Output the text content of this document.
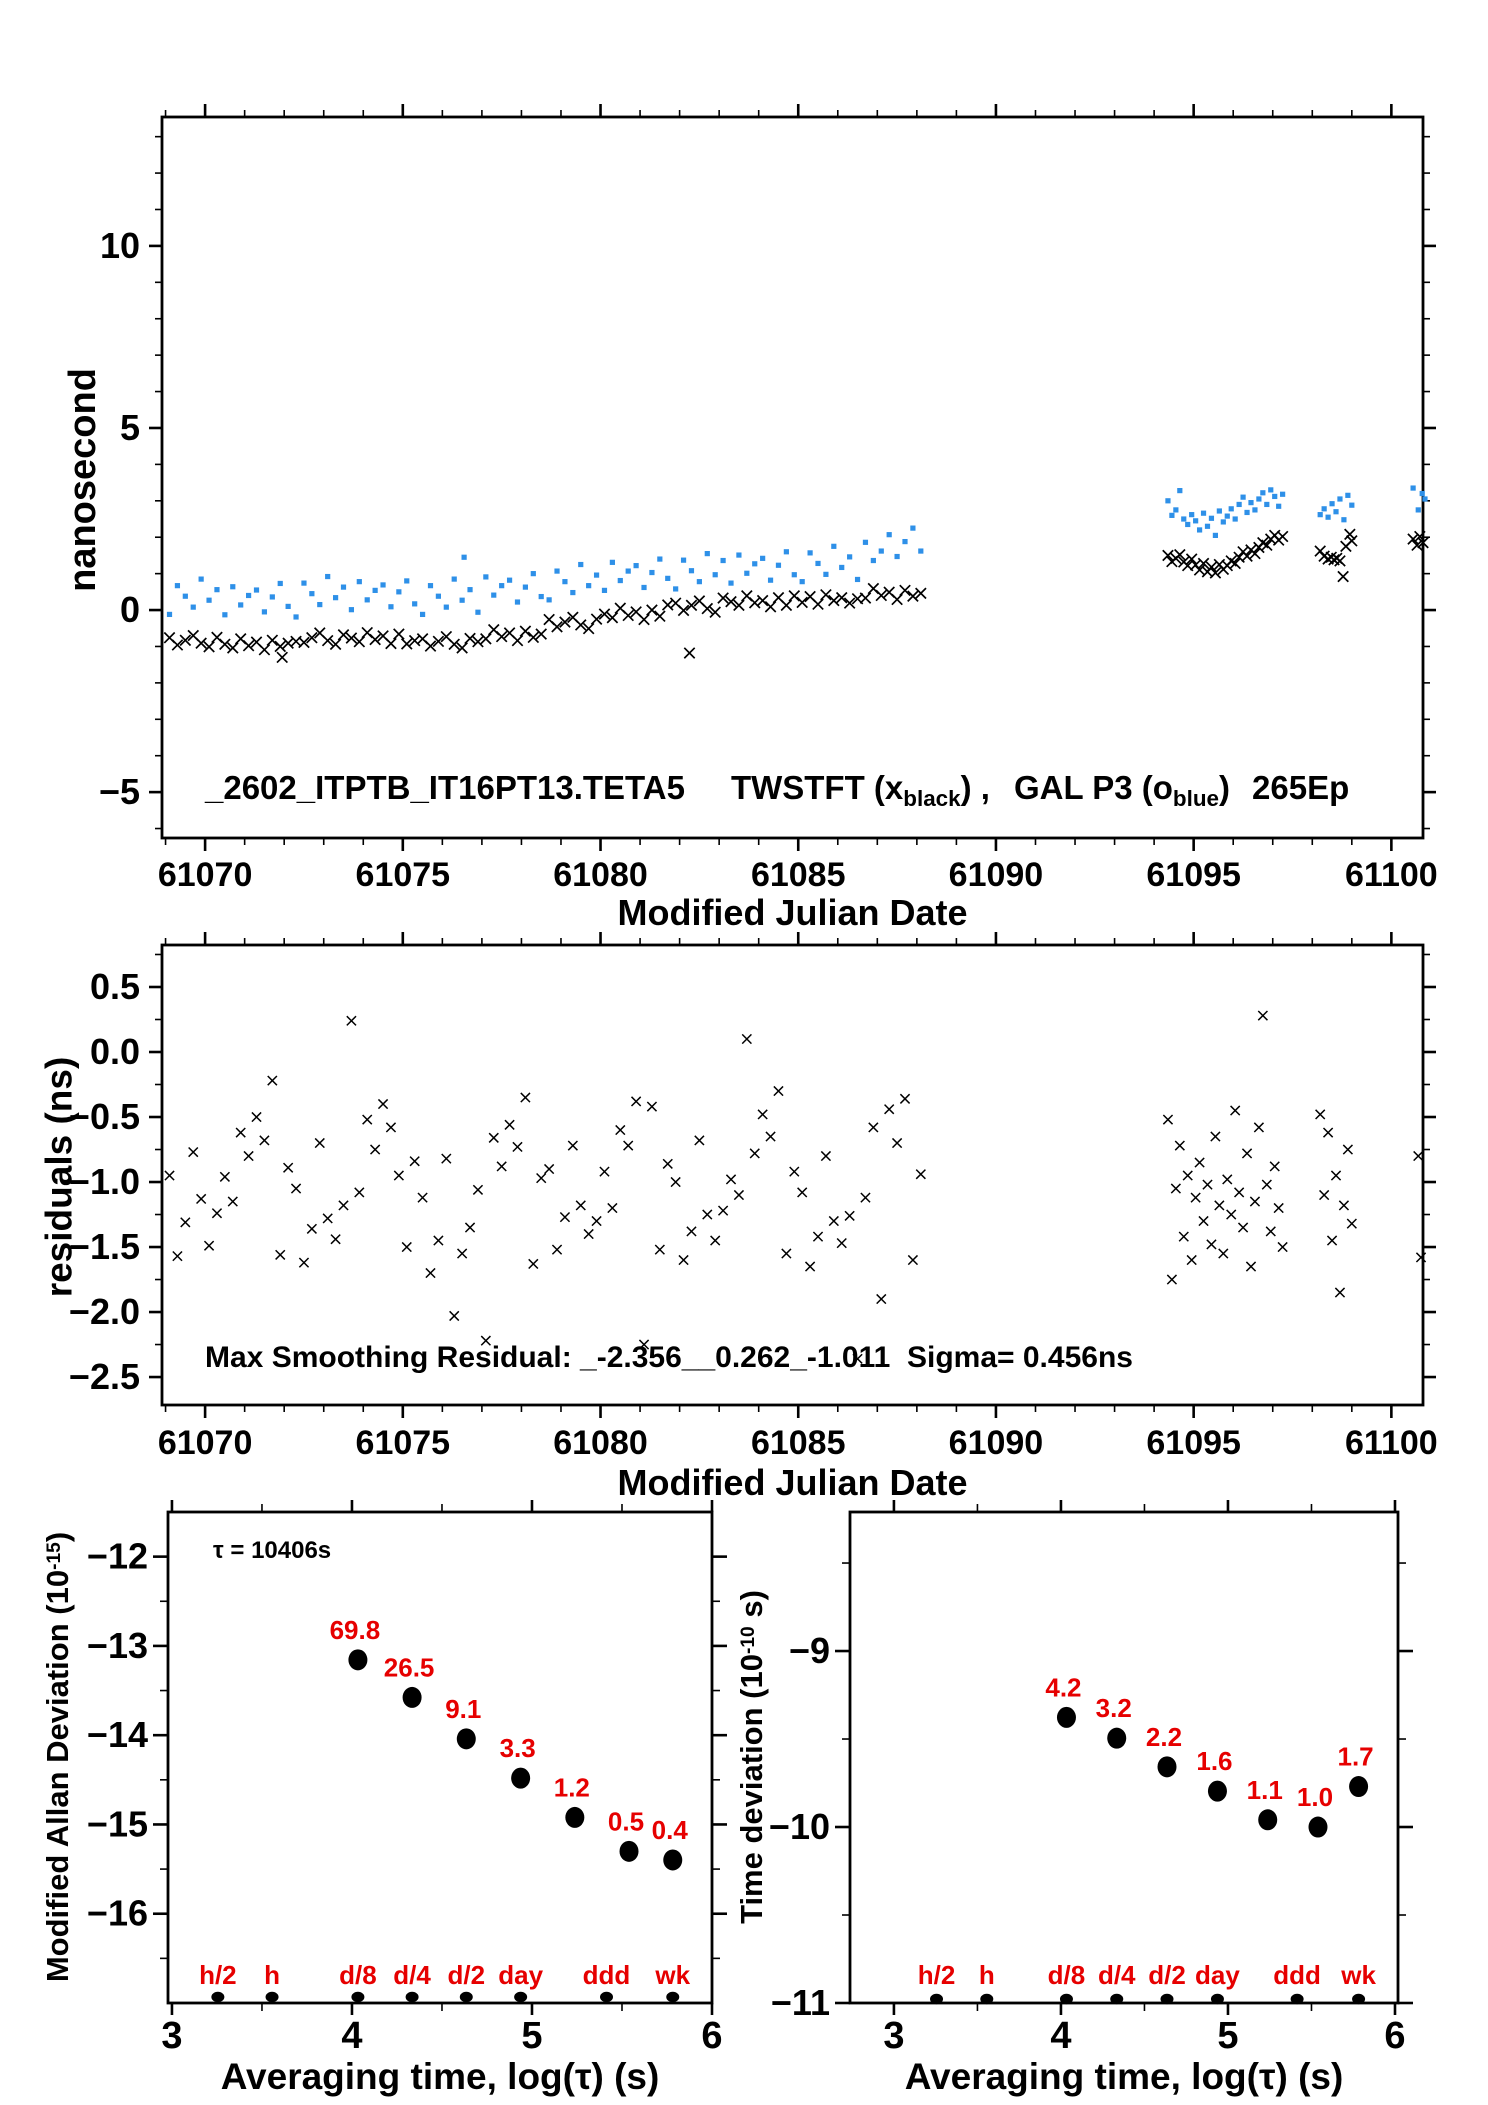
61070	61075	61080	61085	61090	61095	61100
−5
0
5
10
61070	61075	61080	61085	61090	61095	61100
0.5
0.0
−0.5
−1.0
−1.5
−2.0
−2.5
3	4	5	6
−12
−13
−14
−15
−16
69.8
26.5
9.1
3.3
1.2
0.5 0.4
h/2 h d/8 d/4 d/2 day ddd wk
3	4	5	6
−9
−10
−11
4.2
3.2
2.2
1.6
1.1 1.0
1.7
h/2 h d/8 d/4 d/2 day ddd wk
nanosecond
Modified Julian Date
_2602_ITPTB_IT16PT13.TETA5 TWSTFT $(x_{black})$ , GAL P3 $(o_{blue})$ 265Ep
residuals (ns)
Modified Julian Date
Max Smoothing Residual: _-2.356__0.262_-1.011  Sigma= 0.456ns
Modified Allan Deviation $(10^{-15})$
Averaging time, log(τ) (s)
τ = 10406s
Time deviation ($10^{-10}$ s)
Averaging time, log(τ) (s)
